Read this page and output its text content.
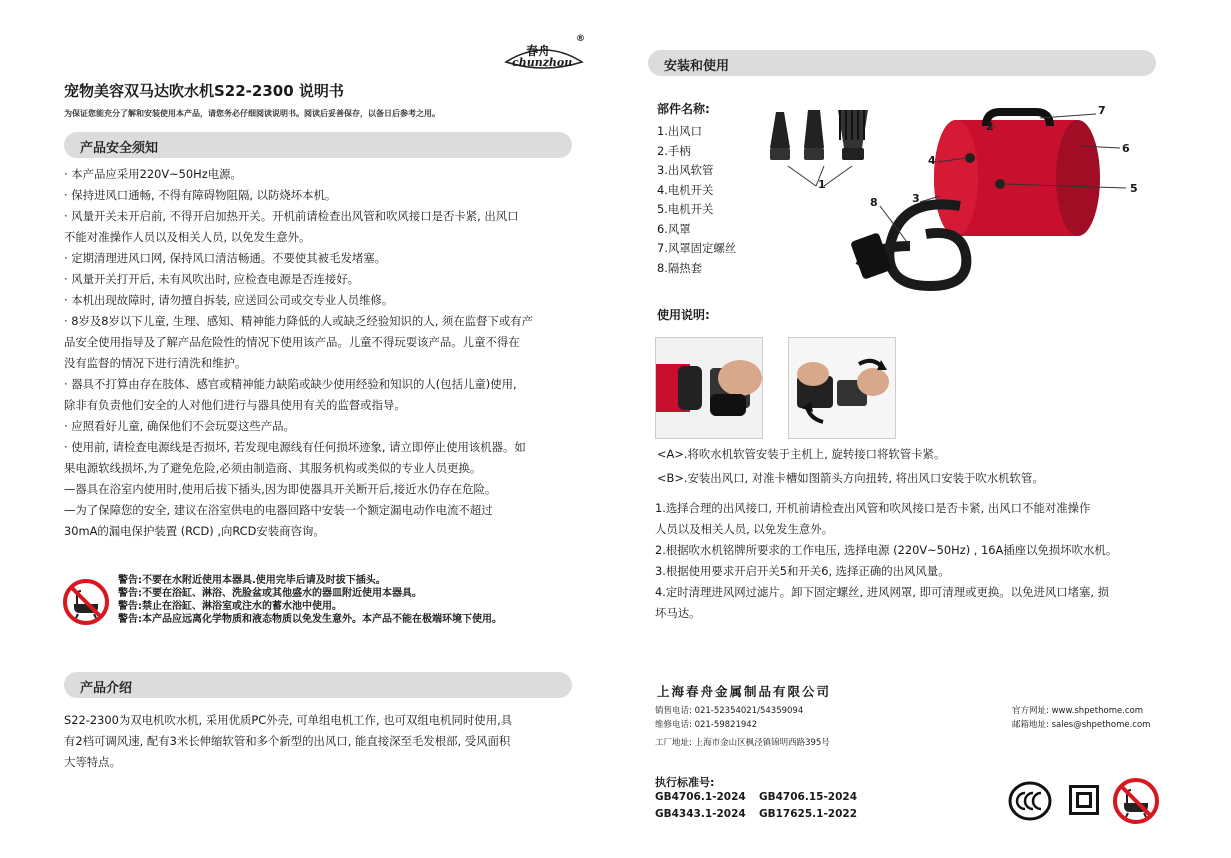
春舟
chunzhou
®
宠物美容双马达吹水机S22-2300 说明书
为保证您能充分了解和安装使用本产品，请您务必仔细阅读说明书。阅读后妥善保存，以备日后参考之用。
产品安全须知

· 本产品应采用220V~50Hz电源。

· 保持进风口通畅, 不得有障碍物阻隔, 以防烧坏本机。

· 风量开关未开启前, 不得开启加热开关。开机前请检查出风管和吹风接口是否卡紧, 出风口

不能对准操作人员以及相关人员, 以免发生意外。

· 定期清理进风口网, 保持风口清洁畅通。不要使其被毛发堵塞。

· 风量开关打开后, 未有风吹出时, 应检查电源是否连接好。

· 本机出现故障时, 请勿擅自拆装, 应送回公司或交专业人员维修。

· 8岁及8岁以下儿童, 生理、感知、精神能力降低的人或缺乏经验知识的人, 须在监督下或有产

品安全使用指导及了解产品危险性的情况下使用该产品。儿童不得玩耍该产品。儿童不得在

没有监督的情况下进行清洗和维护。

· 器具不打算由存在肢体、感官或精神能力缺陷或缺少使用经验和知识的人(包括儿童)使用,

除非有负责他们安全的人对他们进行与器具使用有关的监督或指导。

· 应照看好儿童, 确保他们不会玩耍这些产品。

· 使用前, 请检查电源线是否损坏, 若发现电源线有任何损坏迹象, 请立即停止使用该机器。如

果电源软线损坏,为了避免危险,必须由制造商、其服务机构或类似的专业人员更换。

—器具在浴室内使用时,使用后拔下插头,因为即使器具开关断开后,接近水仍存在危险。

—为了保障您的安全, 建议在浴室供电的电器回路中安装一个额定漏电动作电流不超过

30mA的漏电保护装置 (RCD) ,向RCD安装商咨询。

警告:不要在水附近使用本器具.使用完毕后请及时拔下插头。

警告:不要在浴缸、淋浴、洗脸盆或其他盛水的器皿附近使用本器具。

警告:禁止在浴缸、淋浴室或注水的蓄水池中使用。

警告:本产品应远离化学物质和液态物质以免发生意外。本产品不能在极端环境下使用。

产品介绍

S22-2300为双电机吹水机, 采用优质PC外壳, 可单组电机工作, 也可双组电机同时使用,具

有2档可调风速, 配有3米长伸缩软管和多个新型的出风口, 能直接深至毛发根部, 受风面积

大等特点。

安装和使用
部件名称:

1.出风口

2.手柄

3.出风软管

4.电机开关

5.电机开关

6.风罩

7.风罩固定螺丝

8.隔热套

1
2
3
4
5
6
7
8
使用说明:

<A>.将吹水机软管安装于主机上, 旋转接口将软管卡紧。

<B>.安装出风口, 对准卡槽如图箭头方向扭转, 将出风口安装于吹水机软管。

1.选择合理的出风接口, 开机前请检查出风管和吹风接口是否卡紧, 出风口不能对准操作

人员以及相关人员, 以免发生意外。

2.根据吹水机铭牌所要求的工作电压, 选择电源 (220V~50Hz) , 16A插座以免损坏吹水机。

3.根据使用要求开启开关5和开关6, 选择正确的出风风量。

4.定时清理进风网过滤片。卸下固定螺丝, 进风网罩, 即可清理或更换。以免进风口堵塞, 损

坏马达。

上海春舟金属制品有限公司
销售电话: 021-52354021/54359094
维修电话: 021-59821942
工厂地址: 上海市金山区枫泾镇锦明西路395号
官方网址: www.shpethome.com
邮箱地址: sales@shpethome.com
执行标准号:
GB4706.1-2024 GB4706.15-2024
GB4343.1-2024 GB17625.1-2022
